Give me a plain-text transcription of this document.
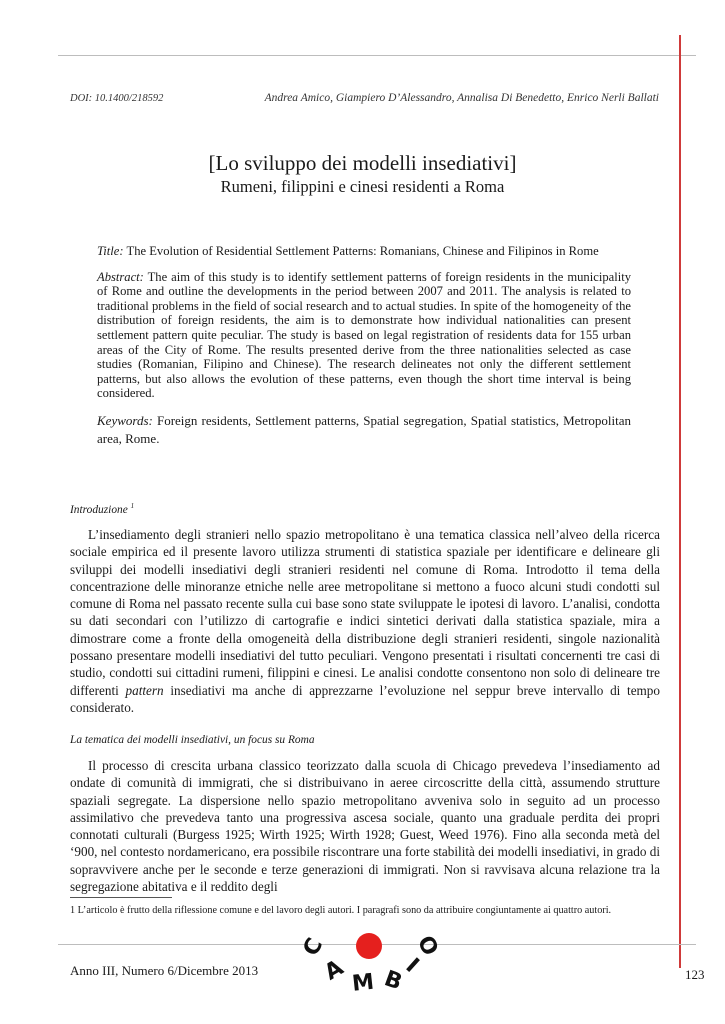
DOI: 10.1400/218592	Andrea Amico, Giampiero D’Alessandro, Annalisa Di Benedetto, Enrico Nerli Ballati
[Lo sviluppo dei modelli insediativi]
Rumeni, filippini e cinesi residenti a Roma

Title: The Evolution of Residential Settlement Patterns: Romanians, Chinese and Filipinos in Rome

Abstract: The aim of this study is to identify settlement patterns of foreign residents in the municipality of Rome and outline the developments in the period between 2007 and 2011. The analysis is related to traditional problems in the field of social research and to actual studies. In spite of the homogeneity of the distribution of foreign residents, the aim is to demonstrate how individual nationalities can present settlement pattern quite peculiar. The study is based on legal registration of residents data for 155 urban areas of the City of Rome. The results presented derive from the three nationalities selected as case studies (Romanian, Filipino and Chinese). The research delineates not only the different settlement patterns, but also allows the evolution of these patterns, even though the short time interval is being considered.

Keywords: Foreign residents, Settlement patterns, Spatial segregation, Spatial statistics, Metropolitan area, Rome.

Introduzione $^1$

L’insediamento degli stranieri nello spazio metropolitano è una tematica classica nell’alveo della ricerca sociale empirica ed il presente lavoro utilizza strumenti di statistica spaziale per identificare e delineare gli sviluppi dei modelli insediativi degli stranieri residenti nel comune di Roma. Introdotto il tema della concentrazione delle minoranze etniche nelle aree metropolitane si mettono a fuoco alcuni studi condotti sul comune di Roma nel passato recente sulla cui base sono state sviluppate le ipotesi di lavoro. L’analisi, condotta su dati secondari con l’utilizzo di cartografie e indici sintetici derivati dalla statistica spaziale, mira a dimostrare come a fronte della omogeneità della distribuzione degli stranieri residenti, singole nazionalità possano presentare modelli insediativi del tutto peculiari. Vengono presentati i risultati concernenti tre casi di studio, condotti sui cittadini rumeni, filippini e cinesi. Le analisi condotte consentono non solo di delineare tre differenti pattern insediativi ma anche di apprezzarne l’evoluzione nel seppur breve intervallo di tempo considerato.

La tematica dei modelli insediativi, un focus su Roma

Il processo di crescita urbana classico teorizzato dalla scuola di Chicago prevedeva l’insediamento ad ondate di comunità di immigrati, che si distribuivano in aeree circoscritte della città, assumendo strutture spaziali segregate. La dispersione nello spazio metropolitano avveniva solo in seguito ad un processo assimilativo che prevedeva tanto una progressiva ascesa sociale, quanto una graduale perdita dei propri connotati culturali (Burgess 1925; Wirth 1925; Wirth 1928; Guest, Weed 1976). Fino alla seconda metà del ‘900, nel contesto nordamericano, era possibile riscontrare una forte stabilità dei modelli insediativi, in grado di sopravvivere anche per le seconde e terze generazioni di immigrati. Non si ravvisava alcuna relazione tra la segregazione abitativa e il reddito degli

1 L’articolo è frutto della riflessione comune e del lavoro degli autori. I paragrafi sono da attribuire congiuntamente ai quattro autori.
C
A M B
I
O
Anno III, Numero 6/Dicembre 2013	123
